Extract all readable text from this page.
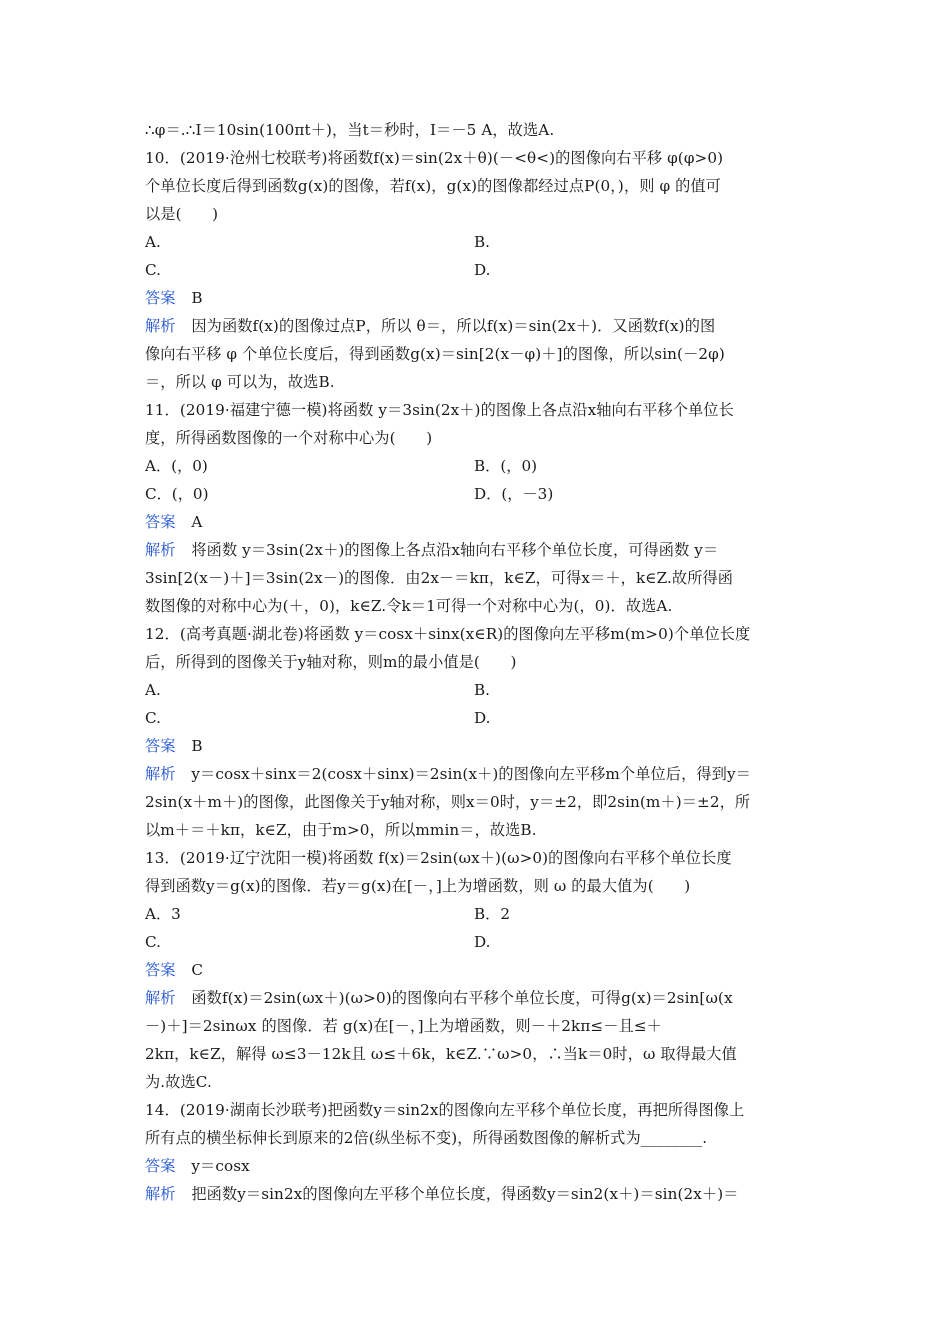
∴φ＝.∴I＝10sin(100πt＋)，当t＝秒时，I＝－5 A，故选A.
10．(2019·沧州七校联考)将函数f(x)＝sin(2x＋θ)(－<θ<)的图像向右平移 φ(φ>0)
个单位长度后得到函数g(x)的图像，若f(x)，g(x)的图像都经过点P(0，)，则 φ 的值可
以是(　　)
A.	B.
C.	D.
答案 B
解析 因为函数f(x)的图像过点P，所以 θ＝，所以f(x)＝sin(2x＋)．又函数f(x)的图
像向右平移 φ 个单位长度后，得到函数g(x)＝sin[2(x－φ)＋]的图像，所以sin(－2φ)
＝，所以 φ 可以为，故选B.
11．(2019·福建宁德一模)将函数 y＝3sin(2x＋)的图像上各点沿x轴向右平移个单位长
度，所得函数图像的一个对称中心为(　　)
A．(，0)	B．(，0)
C．(，0)	D．(，－3)
答案 A
解析 将函数 y＝3sin(2x＋)的图像上各点沿x轴向右平移个单位长度，可得函数 y＝
3sin[2(x－)＋]＝3sin(2x－)的图像．由2x－＝kπ，k∈Z，可得x＝＋，k∈Z.故所得函
数图像的对称中心为(＋，0)，k∈Z.令k＝1可得一个对称中心为(，0)．故选A.
12．(高考真题·湖北卷)将函数 y＝cosx＋sinx(x∈R)的图像向左平移m(m>0)个单位长度
后，所得到的图像关于y轴对称，则m的最小值是(　　)
A.	B.
C.	D.
答案 B
解析 y＝cosx＋sinx＝2(cosx＋sinx)＝2sin(x＋)的图像向左平移m个单位后，得到y＝
2sin(x＋m＋)的图像，此图像关于y轴对称，则x＝0时，y＝±2，即2sin(m＋)＝±2，所
以m＋＝＋kπ，k∈Z，由于m>0，所以mmin＝，故选B.
13．(2019·辽宁沈阳一模)将函数 f(x)＝2sin(ωx＋)(ω>0)的图像向右平移个单位长度
得到函数y＝g(x)的图像．若y＝g(x)在[－，]上为增函数，则 ω 的最大值为(　　)
A．3	B．2
C.	D.
答案 C
解析 函数f(x)＝2sin(ωx＋)(ω>0)的图像向右平移个单位长度，可得g(x)＝2sin[ω(x
－)＋]＝2sinωx 的图像．若 g(x)在[－，]上为增函数，则－＋2kπ≤－且≤＋
2kπ，k∈Z，解得 ω≤3－12k且 ω≤＋6k，k∈Z.∵ω>0，∴当k＝0时，ω 取得最大值
为.故选C.
14．(2019·湖南长沙联考)把函数y＝sin2x的图像向左平移个单位长度，再把所得图像上
所有点的横坐标伸长到原来的2倍(纵坐标不变)，所得函数图像的解析式为________.
答案 y＝cosx
解析 把函数y＝sin2x的图像向左平移个单位长度，得函数y＝sin2(x＋)＝sin(2x＋)＝
